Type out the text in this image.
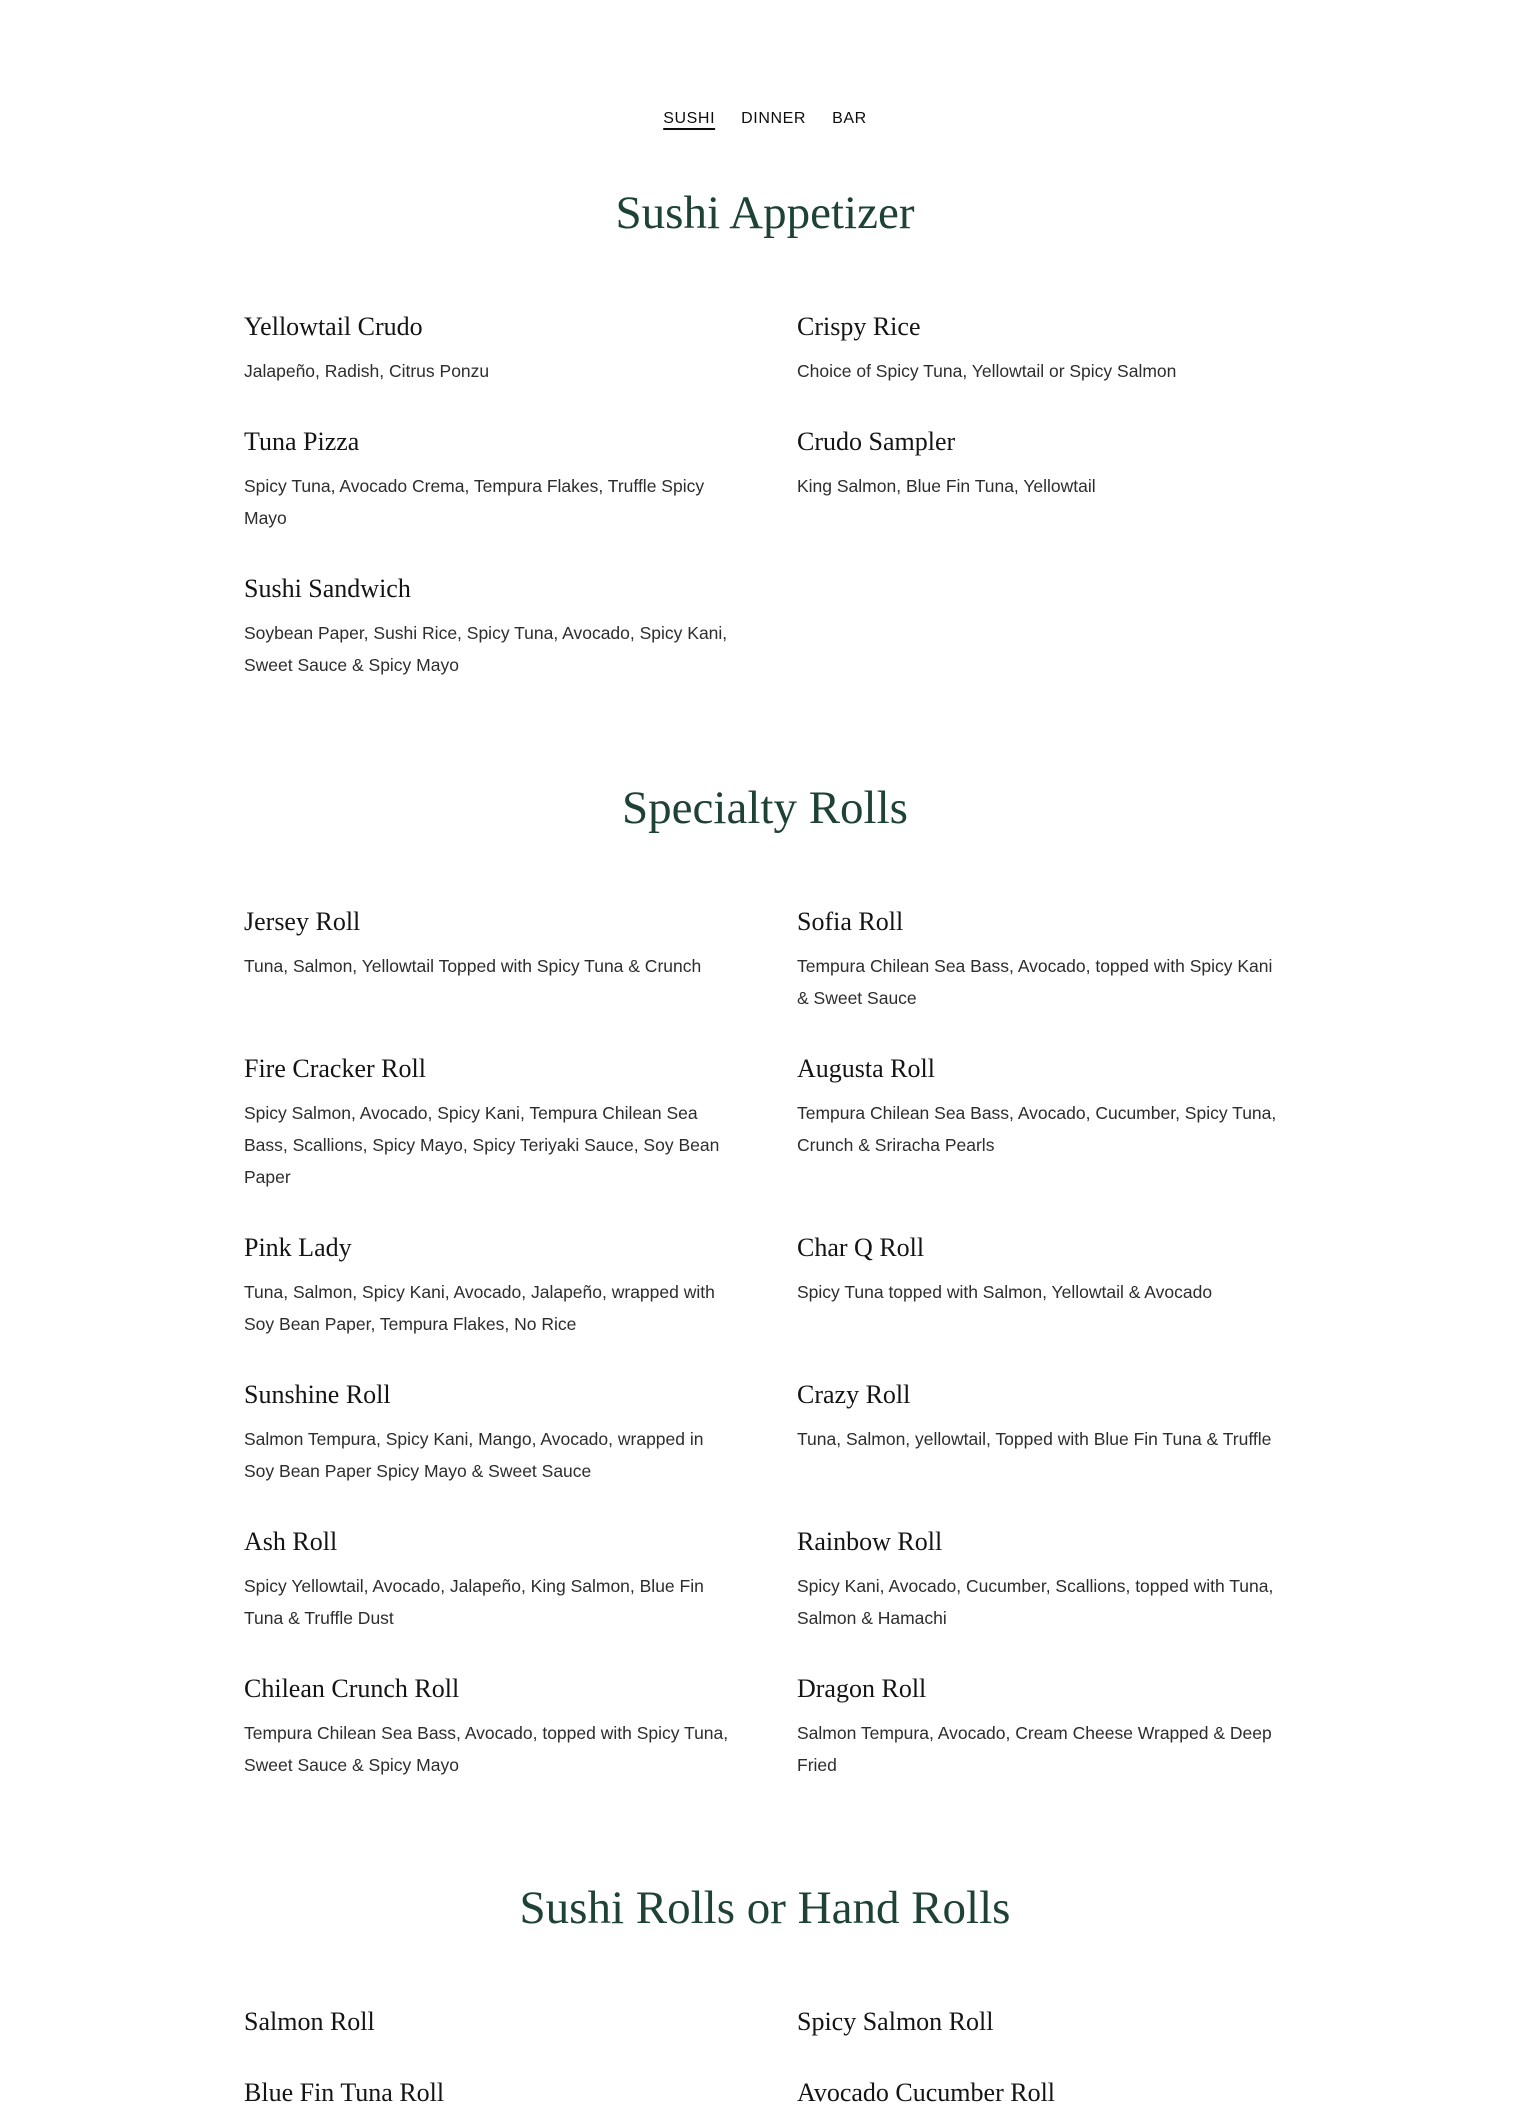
SUSHI DINNER BAR
Sushi Appetizer
Yellowtail Crudo

Jalapeño, Radish, Citrus Ponzu

Crispy Rice

Choice of Spicy Tuna, Yellowtail or Spicy Salmon

Tuna Pizza

Spicy Tuna, Avocado Crema, Tempura Flakes, Truffle Spicy Mayo

Crudo Sampler

King Salmon, Blue Fin Tuna, Yellowtail

Sushi Sandwich

Soybean Paper, Sushi Rice, Spicy Tuna, Avocado, Spicy Kani, Sweet Sauce & Spicy Mayo

Specialty Rolls
Jersey Roll

Tuna, Salmon, Yellowtail Topped with Spicy Tuna & Crunch

Sofia Roll

Tempura Chilean Sea Bass, Avocado, topped with Spicy Kani & Sweet Sauce

Fire Cracker Roll

Spicy Salmon, Avocado, Spicy Kani, Tempura Chilean Sea Bass, Scallions, Spicy Mayo, Spicy Teriyaki Sauce, Soy Bean Paper

Augusta Roll

Tempura Chilean Sea Bass, Avocado, Cucumber, Spicy Tuna, Crunch & Sriracha Pearls

Pink Lady

Tuna, Salmon, Spicy Kani, Avocado, Jalapeño, wrapped with Soy Bean Paper, Tempura Flakes, No Rice

Char Q Roll

Spicy Tuna topped with Salmon, Yellowtail & Avocado

Sunshine Roll

Salmon Tempura, Spicy Kani, Mango, Avocado, wrapped in Soy Bean Paper Spicy Mayo & Sweet Sauce

Crazy Roll

Tuna, Salmon, yellowtail, Topped with Blue Fin Tuna & Truffle

Ash Roll

Spicy Yellowtail, Avocado, Jalapeño, King Salmon, Blue Fin Tuna & Truffle Dust

Rainbow Roll

Spicy Kani, Avocado, Cucumber, Scallions, topped with Tuna, Salmon & Hamachi

Chilean Crunch Roll

Tempura Chilean Sea Bass, Avocado, topped with Spicy Tuna, Sweet Sauce & Spicy Mayo

Dragon Roll

Salmon Tempura, Avocado, Cream Cheese Wrapped & Deep Fried

Sushi Rolls or Hand Rolls
Salmon Roll	Spicy Salmon Roll
Blue Fin Tuna Roll	Avocado Cucumber Roll
